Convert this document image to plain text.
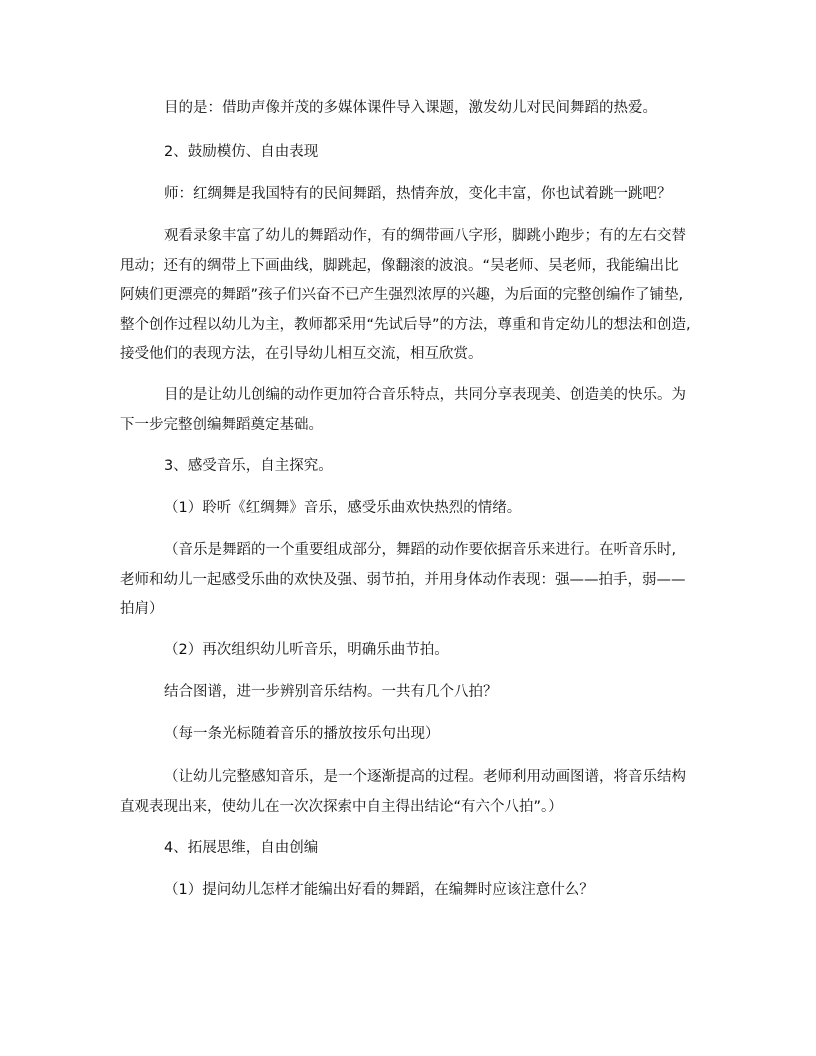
目的是：借助声像并茂的多媒体课件导入课题，激发幼儿对民间舞蹈的热爱。

2、鼓励模仿、自由表现

师：红绸舞是我国特有的民间舞蹈，热情奔放，变化丰富，你也试着跳一跳吧？

观看录象丰富了幼儿的舞蹈动作，有的绸带画八字形，脚跳小跑步；有的左右交替
甩动；还有的绸带上下画曲线，脚跳起，像翻滚的波浪。“吴老师、吴老师，我能编出比
阿姨们更漂亮的舞蹈”孩子们兴奋不已产生强烈浓厚的兴趣，为后面的完整创编作了铺垫,
整个创作过程以幼儿为主，教师都采用“先试后导”的方法，尊重和肯定幼儿的想法和创造,
接受他们的表现方法，在引导幼儿相互交流，相互欣赏。

目的是让幼儿创编的动作更加符合音乐特点，共同分享表现美、创造美的快乐。为
下一步完整创编舞蹈奠定基础。

3、感受音乐，自主探究。

（1）聆听《红绸舞》音乐，感受乐曲欢快热烈的情绪。

（音乐是舞蹈的一个重要组成部分，舞蹈的动作要依据音乐来进行。在听音乐时,
老师和幼儿一起感受乐曲的欢快及强、弱节拍，并用身体动作表现：强——拍手，弱——
拍肩）

（2）再次组织幼儿听音乐，明确乐曲节拍。

结合图谱，进一步辨别音乐结构。一共有几个八拍？

（每一条光标随着音乐的播放按乐句出现）

（让幼儿完整感知音乐，是一个逐渐提高的过程。老师利用动画图谱，将音乐结构
直观表现出来，使幼儿在一次次探索中自主得出结论“有六个八拍”。）

4、拓展思维，自由创编

（1）提问幼儿怎样才能编出好看的舞蹈，在编舞时应该注意什么？
